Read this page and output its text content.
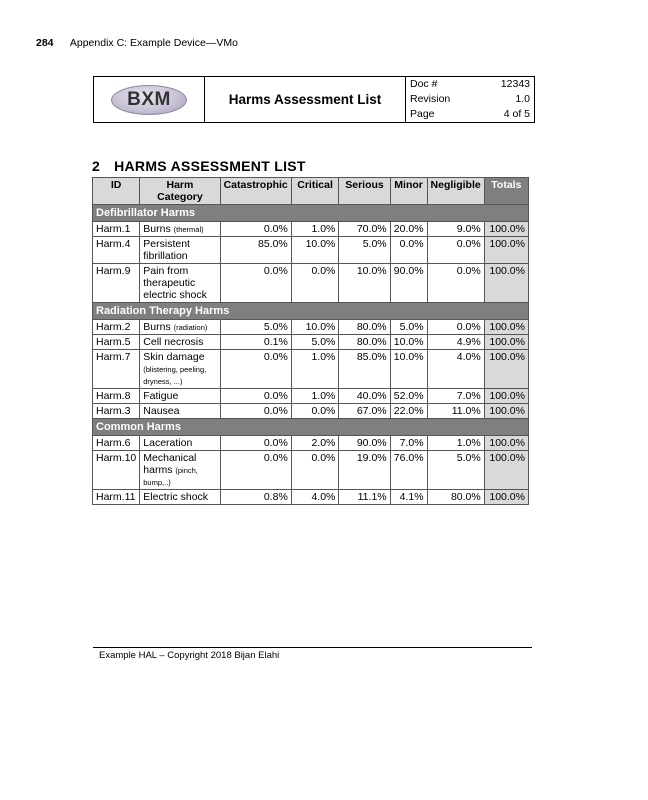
284 Appendix C: Example Device—VMo
BXM	Harms Assessment List	
Doc #	12343
Revision	1.0
Page	4 of 5
2 HARMS ASSESSMENT LIST
ID	Harm Category	Catastrophic	Critical	Serious	Minor	Negligible	Totals
Defibrillator Harms							
Harm.1	Burns (thermal)	0.0%	1.0%	70.0%	20.0%	9.0%	100.0%
Harm.4	Persistent fibrillation	85.0%	10.0%	5.0%	0.0%	0.0%	100.0%
Harm.9	Pain from therapeutic electric shock	0.0%	0.0%	10.0%	90.0%	0.0%	100.0%
Radiation Therapy Harms							
Harm.2	Burns (radiation)	5.0%	10.0%	80.0%	5.0%	0.0%	100.0%
Harm.5	Cell necrosis	0.1%	5.0%	80.0%	10.0%	4.9%	100.0%
Harm.7	Skin damage (blistering, peeling, dryness, ...)	0.0%	1.0%	85.0%	10.0%	4.0%	100.0%
Harm.8	Fatigue	0.0%	1.0%	40.0%	52.0%	7.0%	100.0%
Harm.3	Nausea	0.0%	0.0%	67.0%	22.0%	11.0%	100.0%
Common Harms							
Harm.6	Laceration	0.0%	2.0%	90.0%	7.0%	1.0%	100.0%
Harm.10	Mechanical harms (pinch, bump,..)	0.0%	0.0%	19.0%	76.0%	5.0%	100.0%
Harm.11	Electric shock	0.8%	4.0%	11.1%	4.1%	80.0%	100.0%
Example HAL – Copyright 2018 Bijan Elahi
